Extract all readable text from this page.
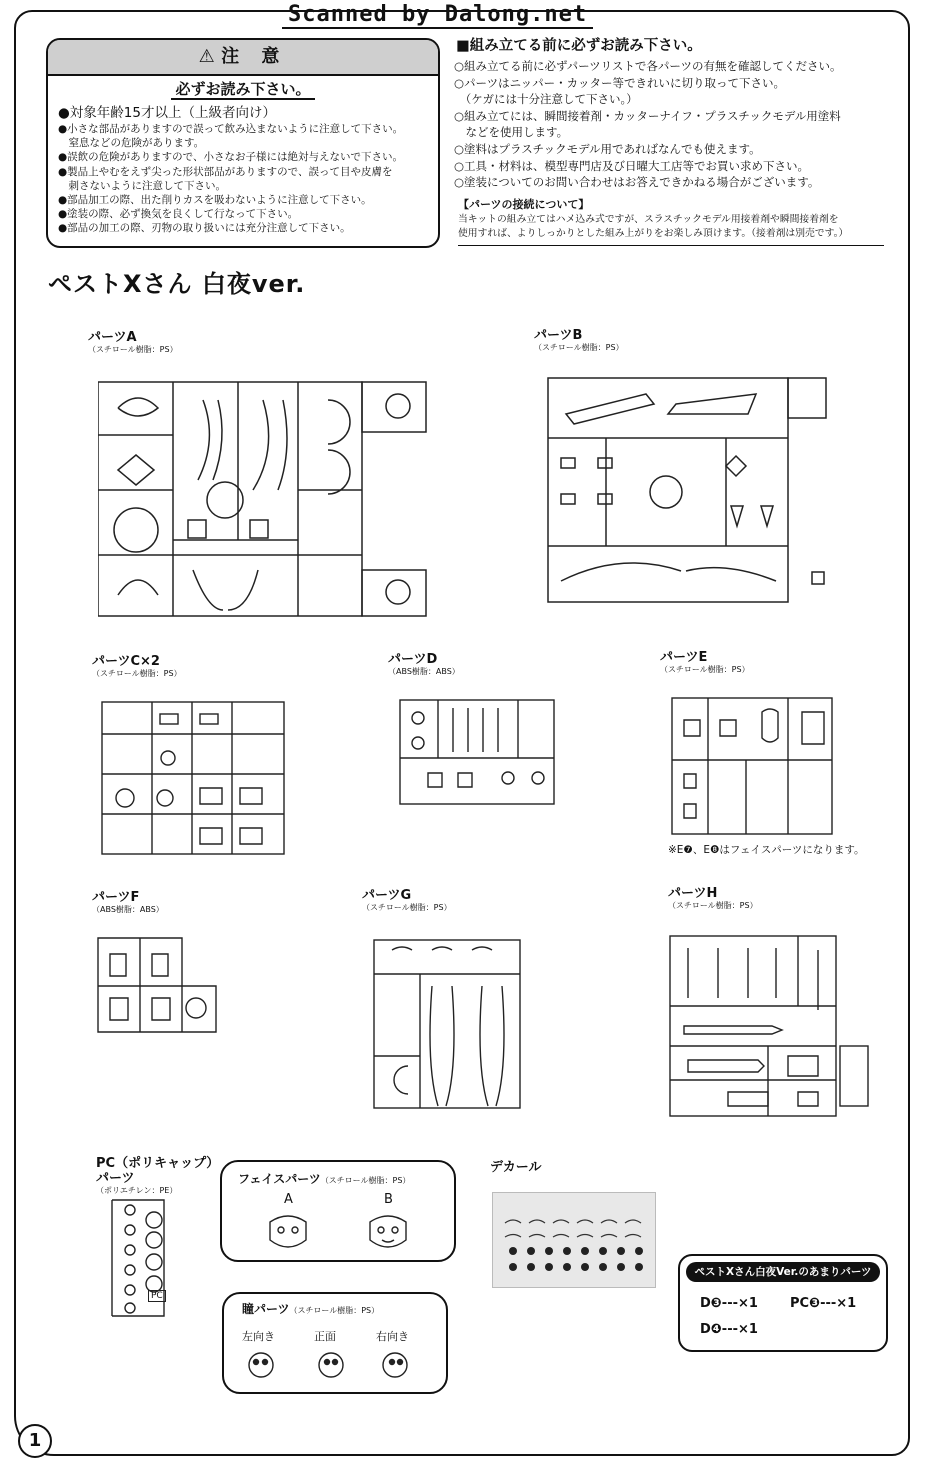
Scanned by Dalong.net
⚠ 注 意
必ずお読み下さい。
●対象年齢15才以上（上級者向け）
●小さな部品がありますので誤って飲み込まないように注意して下さい。
　窒息などの危険があります。
●誤飲の危険がありますので、小さなお子様には絶対与えないで下さい。
●製品上やむをえず尖った形状部品がありますので、誤って目や皮膚を
　刺さないように注意して下さい。
●部品加工の際、出た削りカスを吸わないように注意して下さい。
●塗装の際、必ず換気を良くして行なって下さい。
●部品の加工の際、刃物の取り扱いには充分注意して下さい。
■組み立てる前に必ずお読み下さい。
○組み立てる前に必ずパーツリストで各パーツの有無を確認してください。
○パーツはニッパー・カッター等できれいに切り取って下さい。
　（ケガには十分注意して下さい。）
○組み立てには、瞬間接着剤・カッターナイフ・プラスチックモデル用塗料
　などを使用します。
○塗料はプラスチックモデル用であればなんでも使えます。
○工具・材料は、模型専門店及び日曜大工店等でお買い求め下さい。
○塗装についてのお問い合わせはお答えできかねる場合がございます。
【パーツの接続について】
当キットの組み立てはハメ込み式ですが、スラスチックモデル用接着剤や瞬間接着剤を
使用すれば、よりしっかりとした組み上がりをお楽しみ頂けます。（接着剤は別売です。）
ペストXさん 白夜ver.
パーツA
（スチロール樹脂：PS）
パーツB
（スチロール樹脂：PS）
パーツC×2
（スチロール樹脂：PS）
パーツD
（ABS樹脂：ABS）
パーツE
（スチロール樹脂：PS）
※E❼、E❽はフェイスパーツになります。
パーツF
（ABS樹脂：ABS）
パーツG
（スチロール樹脂：PS）
パーツH
（スチロール樹脂：PS）
PC（ポリキャップ）
パーツ
（ポリエチレン：PE）
PC
フェイスパーツ（スチロール樹脂：PS）
A	B
瞳パーツ（スチロール樹脂：PS）
左向き	正面	右向き
デカール
ペストXさん白夜Ver.のあまりパーツ
D❸---×1 PC❸---×1
D❹---×1
1
